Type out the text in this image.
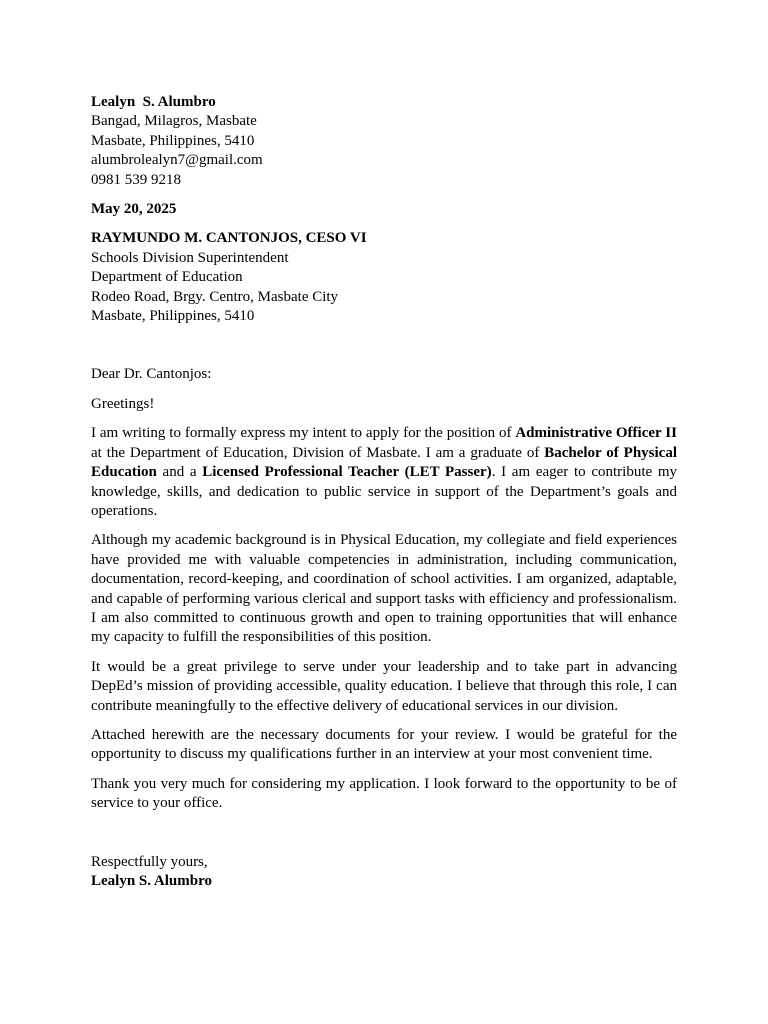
Lealyn  S. Alumbro
Bangad, Milagros, Masbate
Masbate, Philippines, 5410
alumbrolealyn7@gmail.com
0981 539 9218
May 20, 2025
RAYMUNDO M. CANTONJOS, CESO VI
Schools Division Superintendent
Department of Education
Rodeo Road, Brgy. Centro, Masbate City
Masbate, Philippines, 5410
Dear Dr. Cantonjos:
Greetings!

I am writing to formally express my intent to apply for the position of Administrative Officer II at the Department of Education, Division of Masbate. I am a graduate of Bachelor of Physical Education and a Licensed Professional Teacher (LET Passer). I am eager to contribute my knowledge, skills, and dedication to public service in support of the Department’s goals and operations.

Although my academic background is in Physical Education, my collegiate and field experiences have provided me with valuable competencies in administration, including communication, documentation, record-keeping, and coordination of school activities. I am organized, adaptable, and capable of performing various clerical and support tasks with efficiency and professionalism. I am also committed to continuous growth and open to training opportunities that will enhance my capacity to fulfill the responsibilities of this position.

It would be a great privilege to serve under your leadership and to take part in advancing DepEd’s mission of providing accessible, quality education. I believe that through this role, I can contribute meaningfully to the effective delivery of educational services in our division.

Attached herewith are the necessary documents for your review. I would be grateful for the opportunity to discuss my qualifications further in an interview at your most convenient time.

Thank you very much for considering my application. I look forward to the opportunity to be of service to your office.

Respectfully yours,
Lealyn S. Alumbro
